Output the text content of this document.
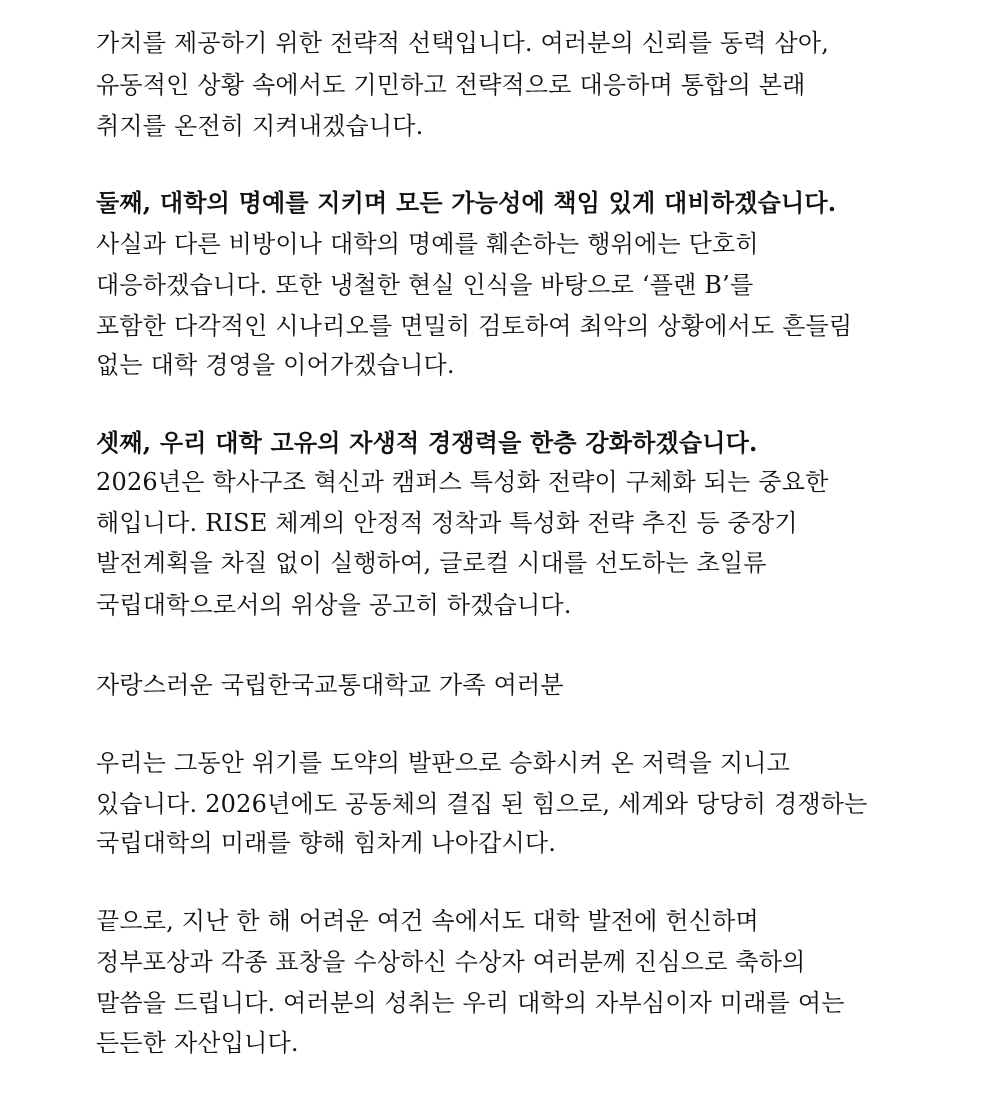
가치를 제공하기 위한 전략적 선택입니다. 여러분의 신뢰를 동력 삼아,
유동적인 상황 속에서도 기민하고 전략적으로 대응하며 통합의 본래
취지를 온전히 지켜내겠습니다.
둘째, 대학의 명예를 지키며 모든 가능성에 책임 있게 대비하겠습니다.
사실과 다른 비방이나 대학의 명예를 훼손하는 행위에는 단호히
대응하겠습니다. 또한 냉철한 현실 인식을 바탕으로 ‘플랜 B’를
포함한 다각적인 시나리오를 면밀히 검토하여 최악의 상황에서도 흔들림
없는 대학 경영을 이어가겠습니다.
셋째, 우리 대학 고유의 자생적 경쟁력을 한층 강화하겠습니다.
2026년은 학사구조 혁신과 캠퍼스 특성화 전략이 구체화 되는 중요한
해입니다. RISE 체계의 안정적 정착과 특성화 전략 추진 등 중장기
발전계획을 차질 없이 실행하여, 글로컬 시대를 선도하는 초일류
국립대학으로서의 위상을 공고히 하겠습니다.
자랑스러운 국립한국교통대학교 가족 여러분
우리는 그동안 위기를 도약의 발판으로 승화시켜 온 저력을 지니고
있습니다. 2026년에도 공동체의 결집 된 힘으로, 세계와 당당히 경쟁하는
국립대학의 미래를 향해 힘차게 나아갑시다.
끝으로, 지난 한 해 어려운 여건 속에서도 대학 발전에 헌신하며
정부포상과 각종 표창을 수상하신 수상자 여러분께 진심으로 축하의
말씀을 드립니다. 여러분의 성취는 우리 대학의 자부심이자 미래를 여는
든든한 자산입니다.
